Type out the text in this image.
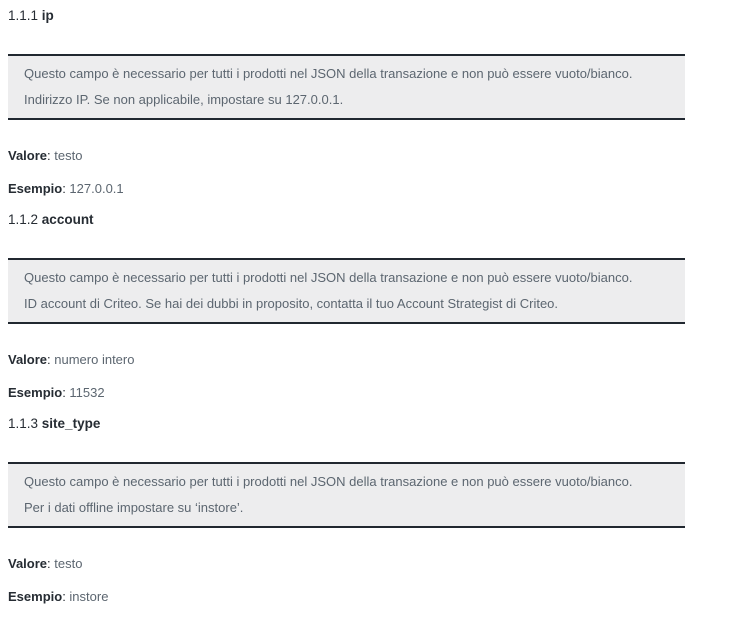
1.1.1 ip

Questo campo è necessario per tutti i prodotti nel JSON della transazione e non può essere vuoto/bianco.

Indirizzo IP. Se non applicabile, impostare su 127.0.0.1.

Valore: testo

Esempio: 127.0.0.1

1.1.2 account

Questo campo è necessario per tutti i prodotti nel JSON della transazione e non può essere vuoto/bianco.

ID account di Criteo. Se hai dei dubbi in proposito, contatta il tuo Account Strategist di Criteo.

Valore: numero intero

Esempio: 11532

1.1.3 site_type

Questo campo è necessario per tutti i prodotti nel JSON della transazione e non può essere vuoto/bianco.

Per i dati offline impostare su ‘instore’.

Valore: testo

Esempio: instore
